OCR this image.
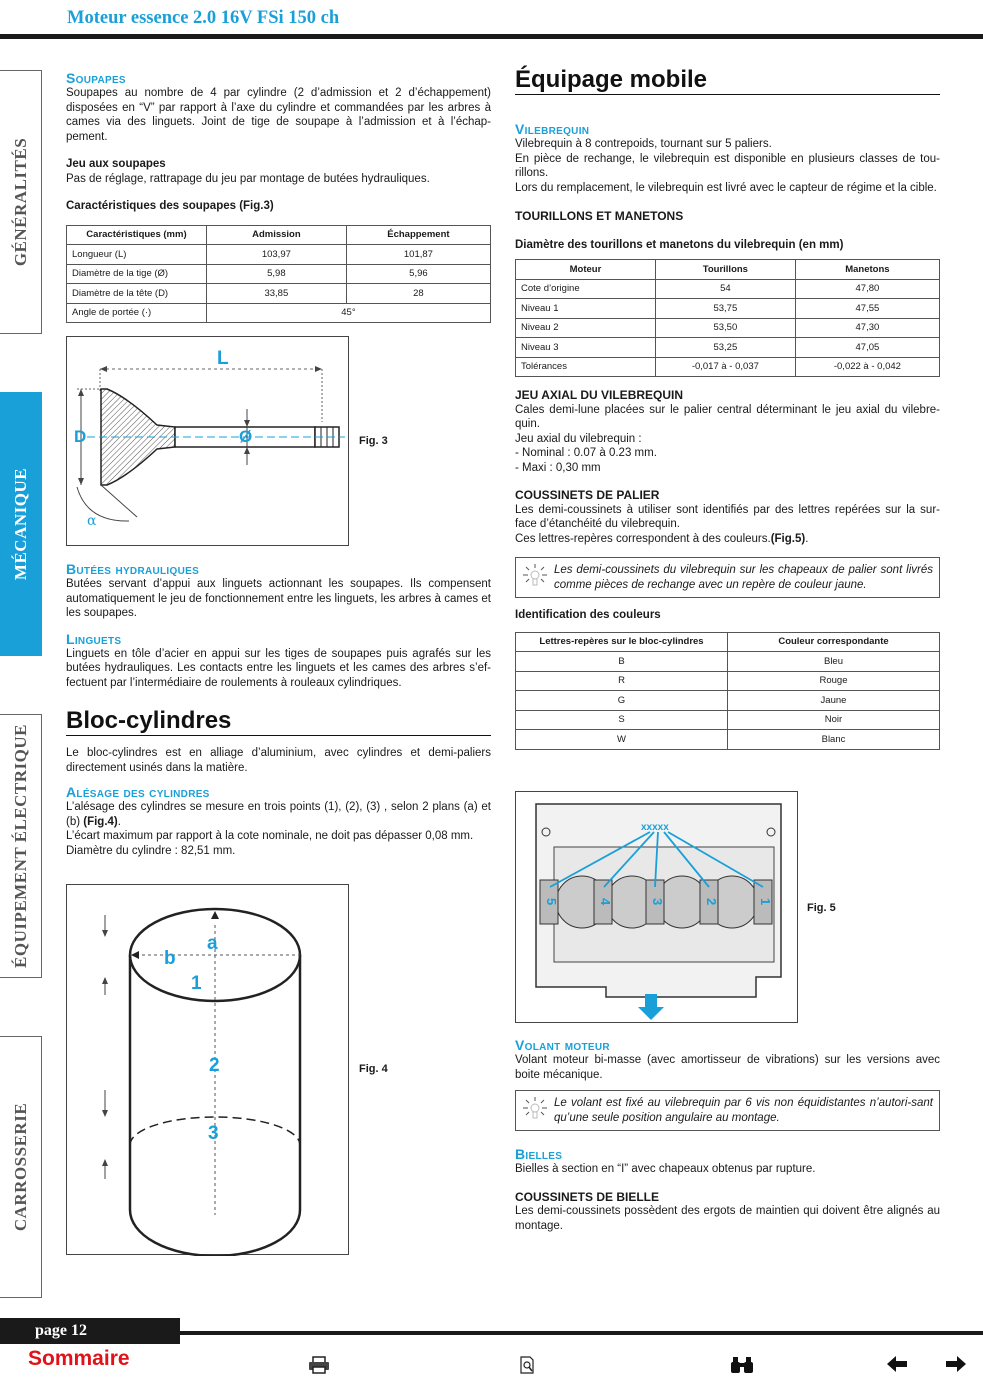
Moteur essence 2.0 16V FSi 150 ch
GÉNÉRALITÉS
MÉCANIQUE
ÉQUIPEMENT ÉLECTRIQUE
CARROSSERIE
Soupapes
Soupapes au nombre de 4 par cylindre (2 d’admission et 2 d’échappement) disposées en “V” par rapport à l’axe du cylindre et commandées par les arbres à cames via des linguets. Joint de tige de soupape à l’admission et à l’échap-pement.
Jeu aux soupapes
Pas de réglage, rattrapage du jeu par montage de butées hydrauliques.
Caractéristiques des soupapes (Fig.3)
Caractéristiques (mm)	Admission	Échappement
Longueur (L)	103,97	101,87
Diamètre de la tige (Ø)	5,98	5,96
Diamètre de la tête (D)	33,85	28
Angle de portée (·)	45°	
L
D	Ø
α
Fig. 3
Butées hydrauliques
Butées servant d’appui aux linguets actionnant les soupapes. Ils compensent automatiquement le jeu de fonctionnement entre les linguets, les arbres à cames et les soupapes.
Linguets
Linguets en tôle d’acier en appui sur les tiges de soupapes puis agrafés sur les butées hydrauliques. Les contacts entre les linguets et les cames des arbres s’ef-fectuent par l’intermédiaire de roulements à rouleaux cylindriques.
Bloc-cylindres
Le bloc-cylindres est en alliage d’aluminium, avec cylindres et demi-paliers directement usinés dans la matière.
Alésage des cylindres
L’alésage des cylindres se mesure en trois points (1), (2), (3) , selon 2 plans (a) et (b) (Fig.4).
L’écart maximum par rapport à la cote nominale, ne doit pas dépasser 0,08 mm.
Diamètre du cylindre : 82,51 mm.
a
b
1
2
3
Fig. 4
Équipage mobile
Vilebrequin
Vilebrequin à 8 contrepoids, tournant sur 5 paliers.
En pièce de rechange, le vilebrequin est disponible en plusieurs classes de tou-rillons.
Lors du remplacement, le vilebrequin est livré avec le capteur de régime et la cible.
TOURILLONS ET MANETONS
Diamètre des tourillons et manetons du vilebrequin (en mm)
Moteur	Tourillons	Manetons
Cote d’origine	54	47,80
Niveau 1	53,75	47,55
Niveau 2	53,50	47,30
Niveau 3	53,25	47,05
Tolérances	-0,017 à - 0,037	-0,022 à - 0,042
JEU AXIAL DU VILEBREQUIN
Cales demi-lune placées sur le palier central déterminant le jeu axial du vilebre-quin.
Jeu axial du vilebrequin :
- Nominal : 0.07 à 0.23 mm.
- Maxi : 0,30 mm
COUSSINETS DE PALIER
Les demi-coussinets à utiliser sont identifiés par des lettres repérées sur la sur-face d’étanchéité du vilebrequin.
Ces lettres-repères correspondent à des couleurs.(Fig.5).
Les demi-coussinets du vilebrequin sur les chapeaux de palier sont livrés comme pièces de rechange avec un repère de couleur jaune.
Identification des couleurs
Lettres-repères sur le bloc-cylindres	Couleur correspondante
B	Bleu
R	Rouge
G	Jaune
S	Noir
W	Blanc
xxxxx
5	4	3	2	1
Fig. 5
Volant moteur
Volant moteur bi-masse (avec amortisseur de vibrations) sur les versions avec boite mécanique.
Le volant est fixé au vilebrequin par 6 vis non équidistantes n’autori-sant qu’une seule position angulaire au montage.
Bielles
Bielles à section en “I” avec chapeaux obtenus par rupture.
COUSSINETS DE BIELLE
Les demi-coussinets possèdent des ergots de maintien qui doivent être alignés au montage.
page 12
Sommaire
